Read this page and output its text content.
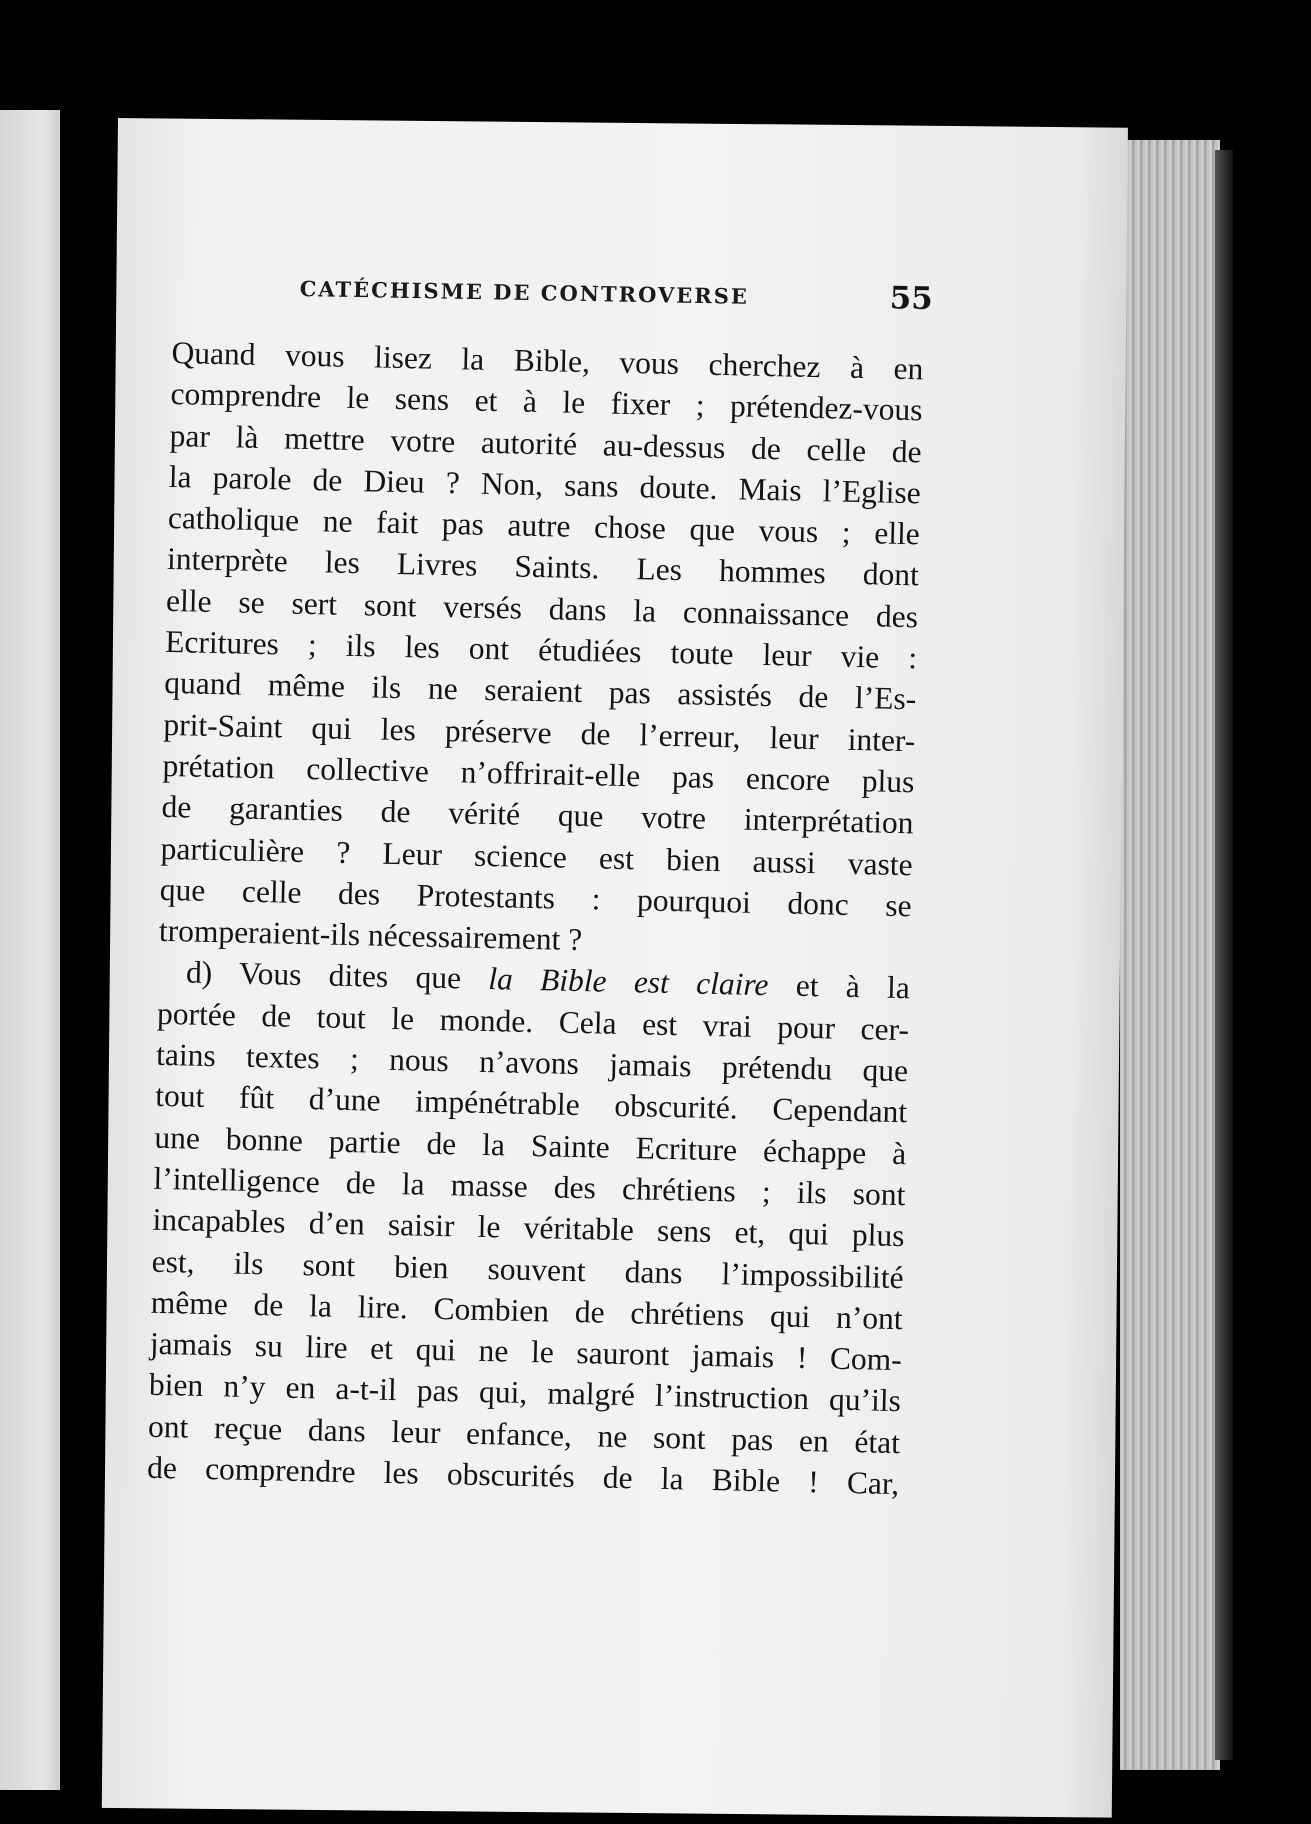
CATÉCHISME DE CONTROVERSE	55
Quand vous lisez la Bible, vous cherchez à en
comprendre le sens et à le fixer ; prétendez-vous
par là mettre votre autorité au-dessus de celle de
la parole de Dieu ? Non, sans doute. Mais l’Eglise
catholique ne fait pas autre chose que vous ; elle
interprète les Livres Saints. Les hommes dont
elle se sert sont versés dans la connaissance des
Ecritures ; ils les ont étudiées toute leur vie :
quand même ils ne seraient pas assistés de l’Es-
prit-Saint qui les préserve de l’erreur, leur inter-
prétation collective n’offrirait-elle pas encore plus
de garanties de vérité que votre interprétation
particulière ? Leur science est bien aussi vaste
que celle des Protestants : pourquoi donc se
tromperaient-ils nécessairement ?
d) Vous dites que la Bible est claire et à la
portée de tout le monde. Cela est vrai pour cer-
tains textes ; nous n’avons jamais prétendu que
tout fût d’une impénétrable obscurité. Cependant
une bonne partie de la Sainte Ecriture échappe à
l’intelligence de la masse des chrétiens ; ils sont
incapables d’en saisir le véritable sens et, qui plus
est, ils sont bien souvent dans l’impossibilité
même de la lire. Combien de chrétiens qui n’ont
jamais su lire et qui ne le sauront jamais ! Com-
bien n’y en a-t-il pas qui, malgré l’instruction qu’ils
ont reçue dans leur enfance, ne sont pas en état
de comprendre les obscurités de la Bible ! Car,
